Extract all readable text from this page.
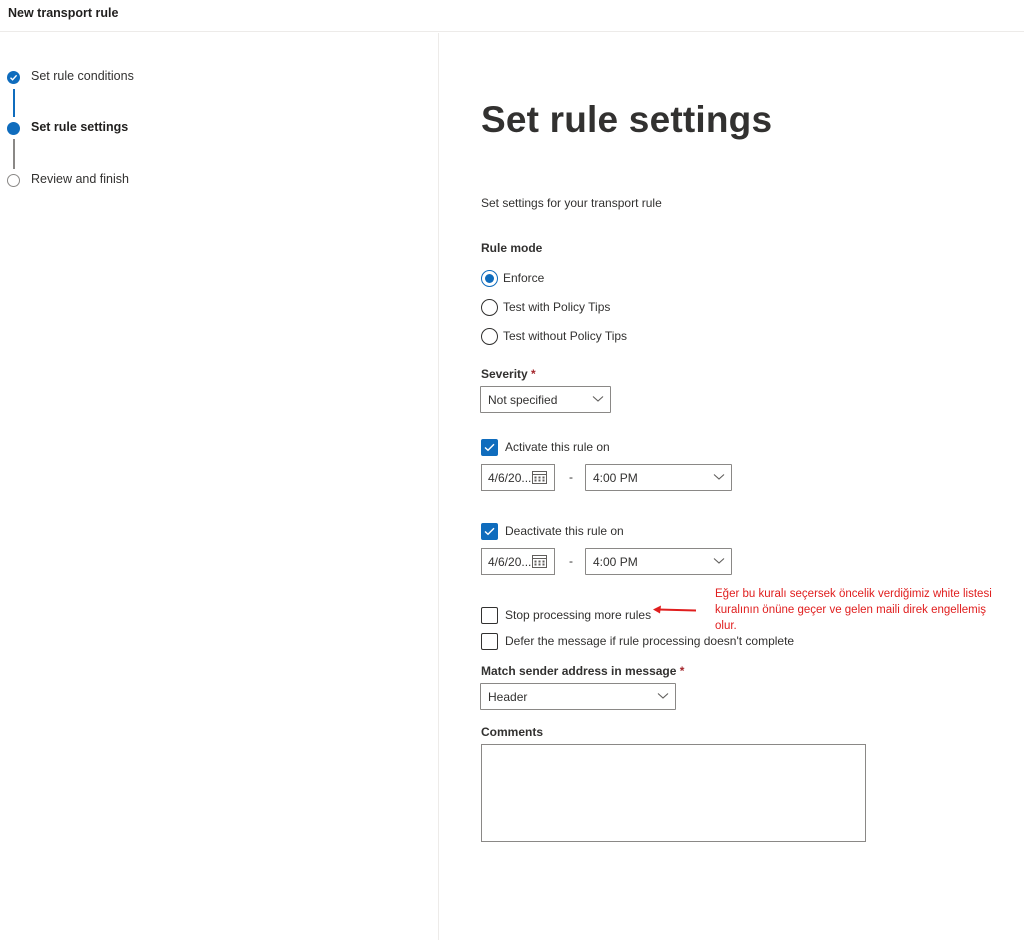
New transport rule
Set rule conditions
Set rule settings
Review and finish
Set rule settings
Set settings for your transport rule
Rule mode
Enforce
Test with Policy Tips
Test without Policy Tips
Severity *
Not specified
Activate this rule on
4/6/20...	- 4:00 PM
Deactivate this rule on
4/6/20...	- 4:00 PM
Stop processing more rules
Defer the message if rule processing doesn't complete
Match sender address in message *
Header
Comments
Eğer bu kuralı seçersek öncelik verdiğimiz white listesi kuralının önüne geçer ve gelen maili direk engellemiş olur.
